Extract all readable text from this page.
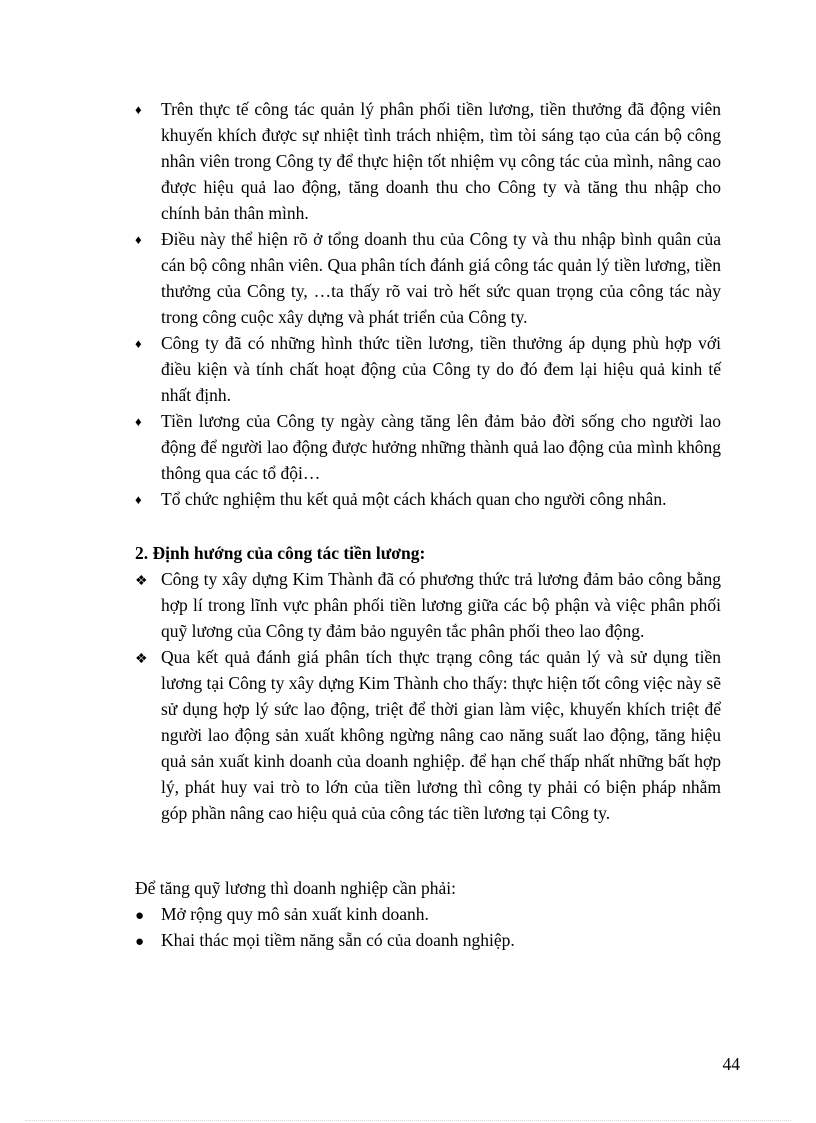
♦	Trên thực tế công tác quản lý phân phối tiền lương, tiền thưởng đã động viên khuyến khích được sự nhiệt tình trách nhiệm, tìm tòi sáng tạo của cán bộ công nhân viên trong Công ty để thực hiện tốt nhiệm vụ công tác của mình, nâng cao được hiệu quả lao động, tăng doanh thu cho Công ty và tăng thu nhập cho chính bản thân mình.
♦	Điều này thể hiện rõ ở tổng doanh thu của Công ty và thu nhập bình quân của cán bộ công nhân viên. Qua phân tích đánh giá công tác quản lý tiền lương, tiền thưởng của Công ty, …ta thấy rõ vai trò hết sức quan trọng của công tác này trong công cuộc xây dựng và phát triển của Công ty.
♦	Công ty đã có những hình thức tiền lương, tiền thưởng áp dụng phù hợp với điều kiện và tính chất hoạt động của Công ty do đó đem lại hiệu quả kinh tế nhất định.
♦	Tiền lương của Công ty ngày càng tăng lên đảm bảo đời sống cho người lao động để người lao động được hưởng những thành quả lao động của mình không thông qua các tổ đội…
♦	Tổ chức nghiệm thu kết quả một cách khách quan cho người công nhân.

2. Định hướng của công tác tiền lương:

❖ Công ty xây dựng Kim Thành đã có phương thức trả lương đảm bảo công bằng hợp lí trong lĩnh vực phân phối tiền lương giữa các bộ phận và việc phân phối quỹ lương của Công ty đảm bảo nguyên tắc phân phối theo lao động.
❖ Qua kết quả đánh giá phân tích thực trạng công tác quản lý và sử dụng tiền lương tại Công ty xây dựng Kim Thành cho thấy: thực hiện tốt công việc này sẽ sử dụng hợp lý sức lao động, triệt để thời gian làm việc, khuyến khích triệt để người lao động sản xuất không ngừng nâng cao năng suất lao động, tăng hiệu quả sản xuất kinh doanh của doanh nghiệp. để hạn chế thấp nhất những bất hợp lý, phát huy vai trò to lớn của tiền lương thì công ty phải có biện pháp nhằm góp phần nâng cao hiệu quả của công tác tiền lương tại Công ty.

Để tăng quỹ lương thì doanh nghiệp cần phải:

● Mở rộng quy mô sản xuất kinh doanh.
● Khai thác mọi tiềm năng sẵn có của doanh nghiệp.
44
